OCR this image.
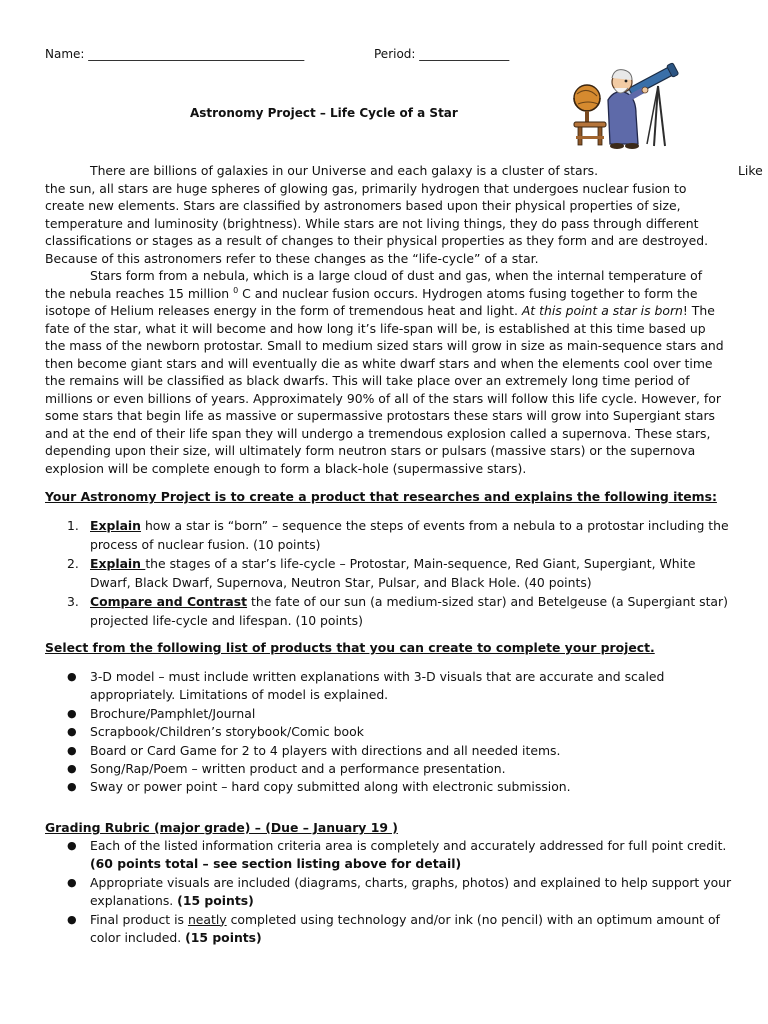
Name: ____________________________________	Period: _______________
Astronomy Project – Life Cycle of a Star

There are billions of galaxies in our Universe and each galaxy is a cluster of stars.	Like

the sun, all stars are huge spheres of glowing gas, primarily hydrogen that undergoes nuclear fusion to create new elements. Stars are classified by astronomers based upon their physical properties of size, temperature and luminosity (brightness). While stars are not living things, they do pass through different classifications or stages as a result of changes to their physical properties as they form and are destroyed. Because of this astronomers refer to these changes as the “life-cycle” of a star.

Stars form from a nebula, which is a large cloud of dust and gas, when the internal temperature of the nebula reaches 15 million $^0$ C and nuclear fusion occurs. Hydrogen atoms fusing together to form the isotope of Helium releases energy in the form of tremendous heat and light. At this point a star is born! The fate of the star, what it will become and how long it’s life-span will be, is established at this time based up the mass of the newborn protostar. Small to medium sized stars will grow in size as main-sequence stars and then become giant stars and will eventually die as white dwarf stars and when the elements cool over time the remains will be classified as black dwarfs. This will take place over an extremely long time period of millions or even billions of years. Approximately 90% of all of the stars will follow this life cycle. However, for some stars that begin life as massive or supermassive protostars these stars will grow into Supergiant stars and at the end of their life span they will undergo a tremendous explosion called a supernova. These stars, depending upon their size, will ultimately form neutron stars or pulsars (massive stars) or the supernova explosion will be complete enough to form a black-hole (supermassive stars).

Your Astronomy Project is to create a product that researches and explains the following items:
1. Explain how a star is “born” – sequence the steps of events from a nebula to a protostar including the process of nuclear fusion. (10 points)
2. Explain the stages of a star’s life-cycle – Protostar, Main-sequence, Red Giant, Supergiant, White Dwarf, Black Dwarf, Supernova, Neutron Star, Pulsar, and Black Hole. (40 points)
3. Compare and Contrast the fate of our sun (a medium-sized star) and Betelgeuse (a Supergiant star) projected life-cycle and lifespan. (10 points)
Select from the following list of products that you can create to complete your project.
● 3-D model – must include written explanations with 3-D visuals that are accurate and scaled appropriately. Limitations of model is explained.
● Brochure/Pamphlet/Journal
● Scrapbook/Children’s storybook/Comic book
● Board or Card Game for 2 to 4 players with directions and all needed items.
● Song/Rap/Poem – written product and a performance presentation.
● Sway or power point – hard copy submitted along with electronic submission.
Grading Rubric (major grade) – (Due – January 19 )
● Each of the listed information criteria area is completely and accurately addressed for full point credit. (60 points total – see section listing above for detail)
● Appropriate visuals are included (diagrams, charts, graphs, photos) and explained to help support your explanations. (15 points)
● Final product is neatly completed using technology and/or ink (no pencil) with an optimum amount of color included. (15 points)
